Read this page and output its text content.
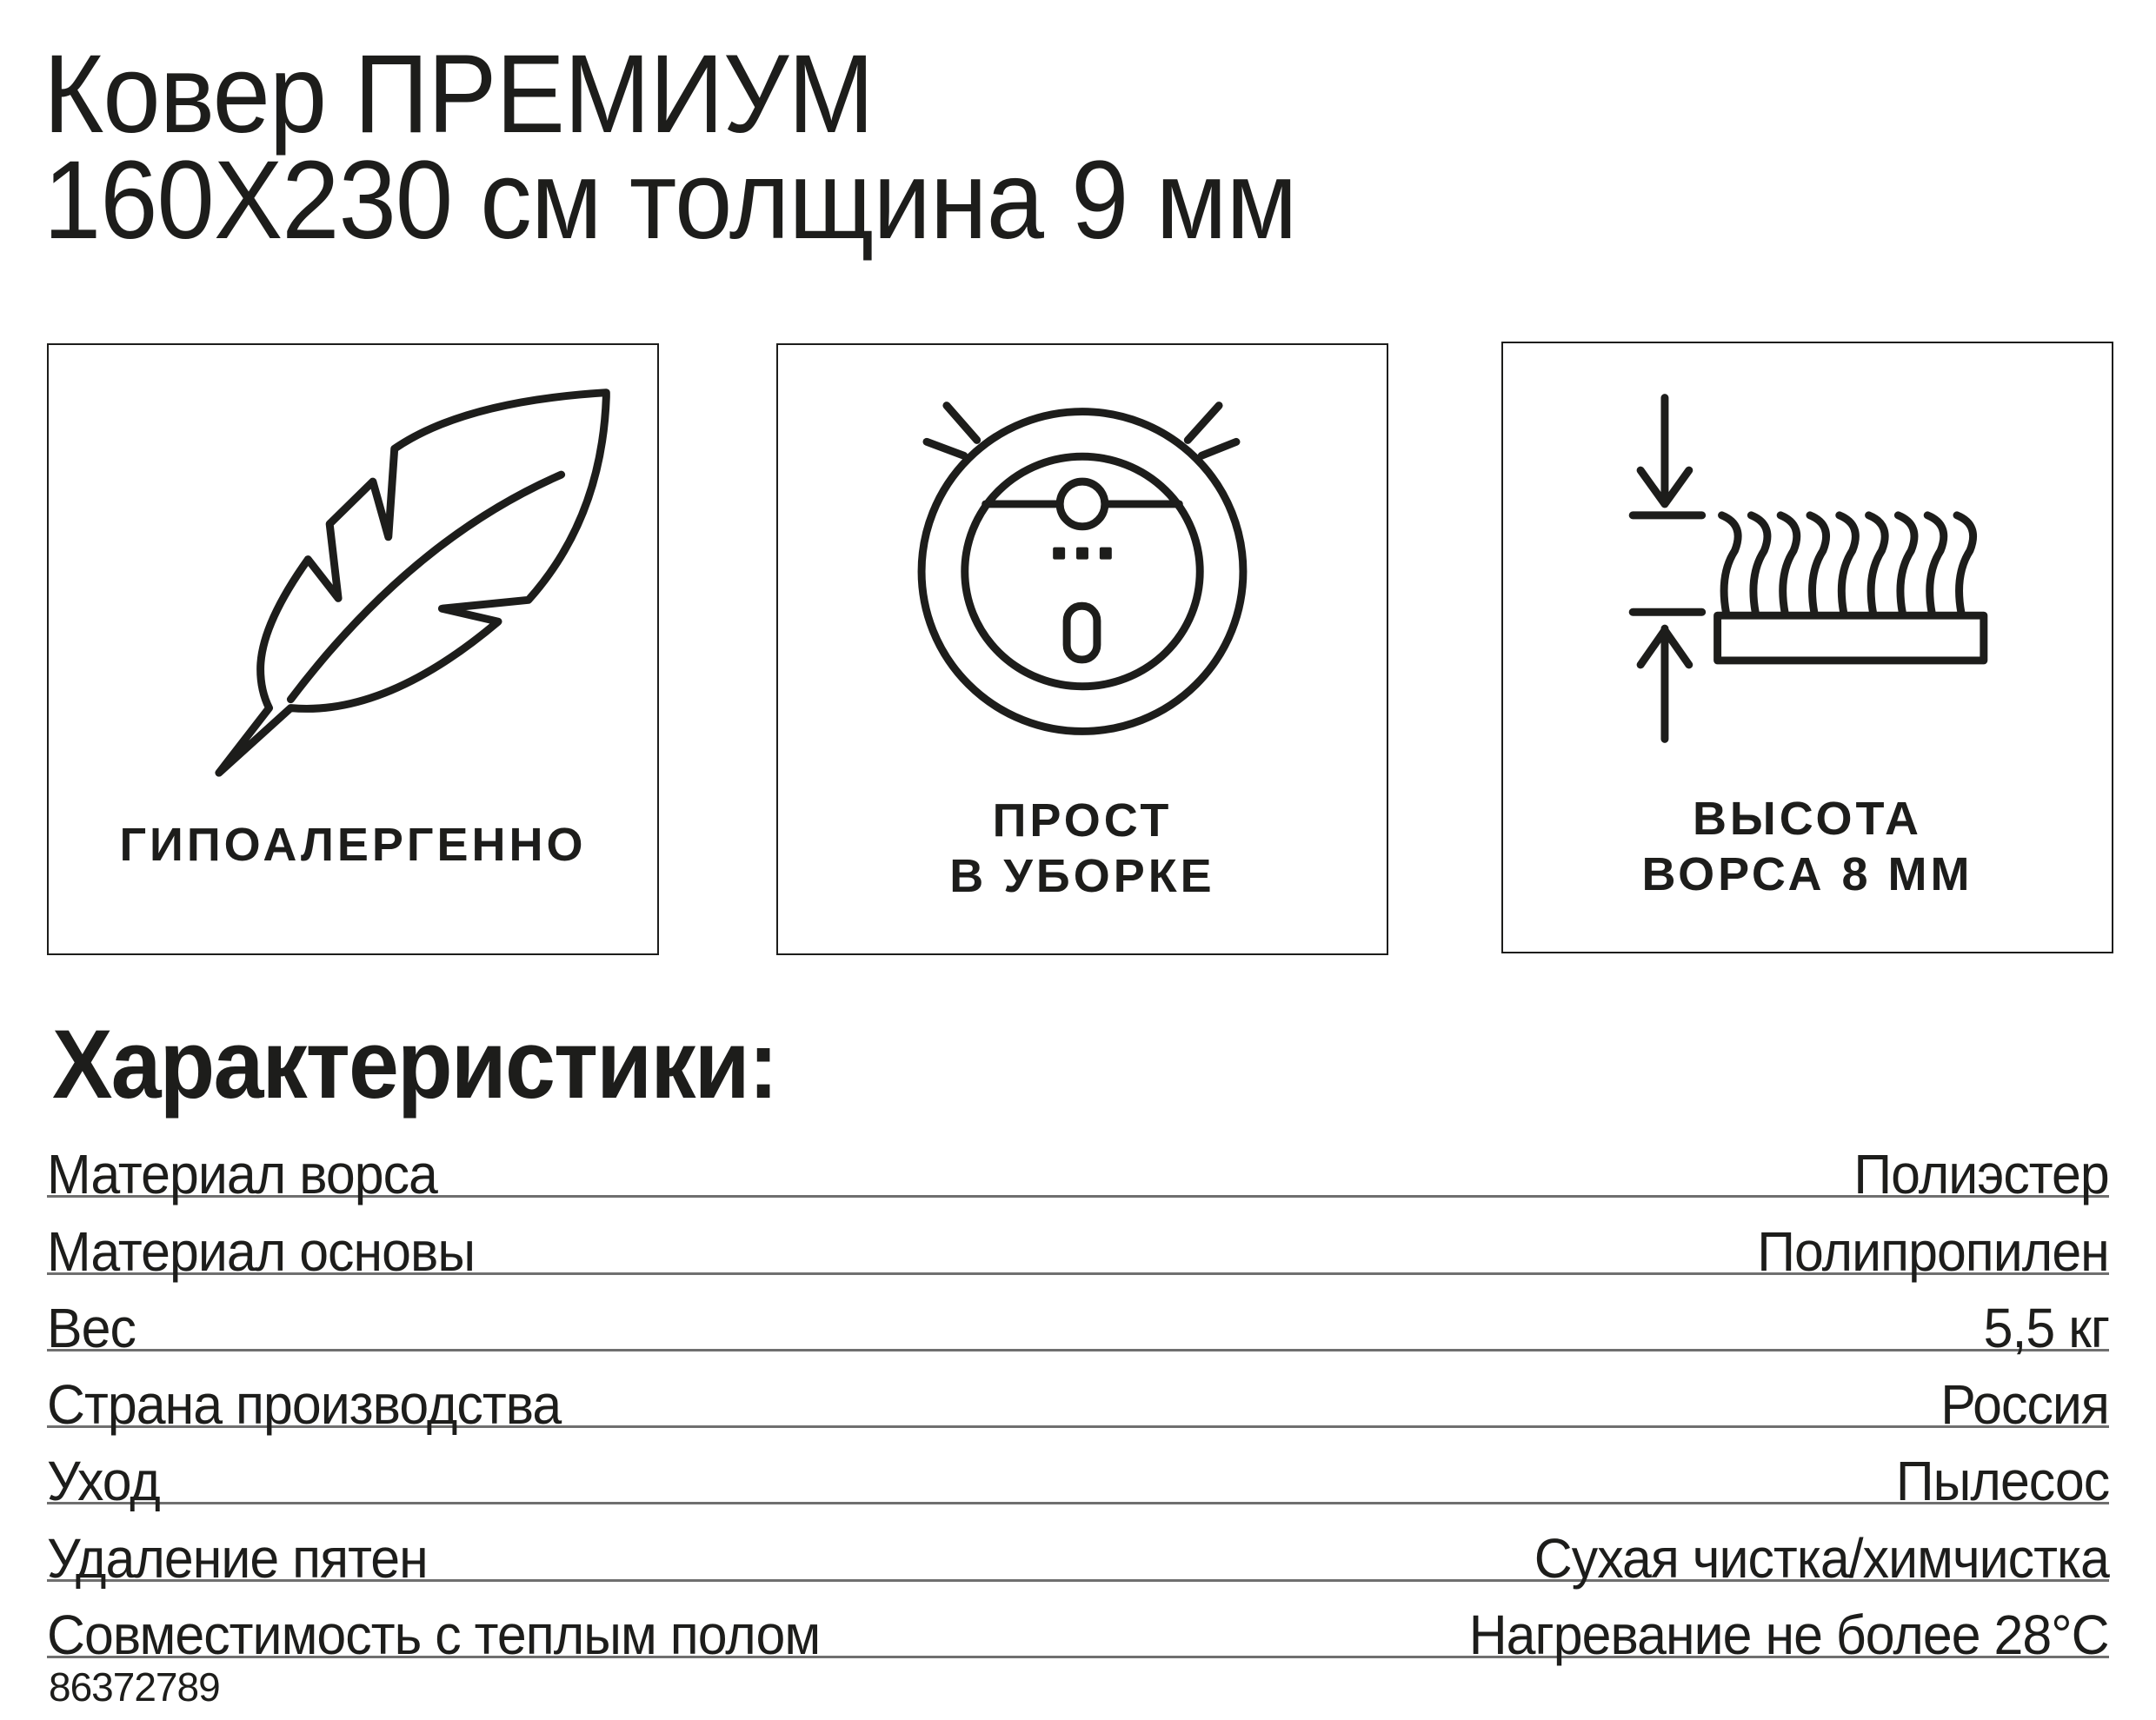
Ковер ПРЕМИУМ
160X230 см толщина 9 мм
ГИПОАЛЕРГЕННО	ПРОСТ
В УБОРКЕ
ВЫСОТА
ВОРСА 8 ММ
Характеристики:
Материал ворса	Полиэстер
Материал основы	Полипропилен
Вес	5,5 кг
Страна производства	Россия
Уход	Пылесос
Удаление пятен	Сухая чистка/химчистка
Совместимость с теплым полом	Нагревание не более 28°C
86372789
